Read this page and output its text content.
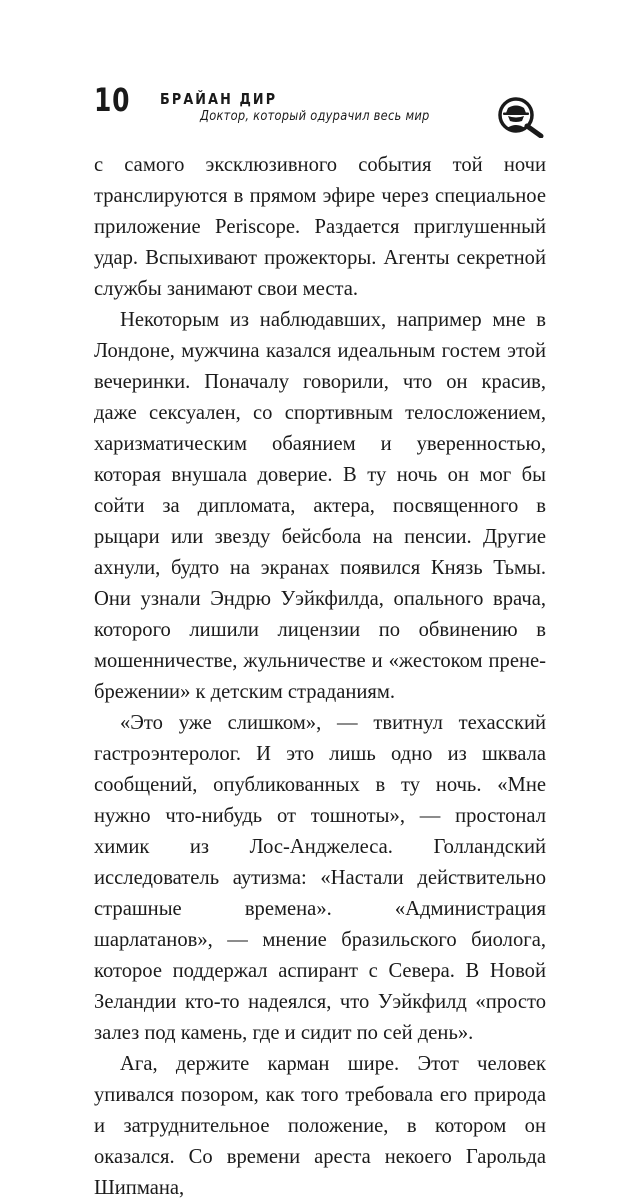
10 БРАЙАН ДИР
Доктор, который одурачил весь мир

с самого эксклюзивного события той ночи транслируются в прямом эфире через специальное приложение Periscope. Раздается приглушенный удар. Вспыхивают прожекторы. Агенты секретной службы занимают свои места.

Некоторым из наблюдавших, например мне в Лондоне, мужчина казался идеальным гостем этой вечеринки. Поначалу говорили, что он красив, даже сексуален, со спортивным телосложением, харизматическим обаянием и уверенностью, которая внушала доверие. В ту ночь он мог бы сойти за дипломата, актера, посвященного в рыцари или звезду бейсбола на пенсии. Другие ахнули, будто на экранах появился Князь Тьмы. Они узнали Эндрю Уэйкфилда, опального врача, которого лишили лицензии по обвинению в мошенничестве, жульничестве и «жестоком пренебрежении» к детским страданиям.

«Это уже слишком», — твитнул техасский гастроэнтеролог. И это лишь одно из шквала сообщений, опубликованных в ту ночь. «Мне нужно что-нибудь от тошноты», — простонал химик из Лос-Анджелеса. Голландский исследователь аутизма: «Настали действительно страшные времена». «Администрация шарлатанов», — мнение бразильского биолога, которое поддержал аспирант с Севера. В Новой Зеландии кто-то надеялся, что Уэйкфилд «просто залез под камень, где и сидит по сей день».

Ага, держите карман шире. Этот человек упивался позором, как того требовала его природа и затруднительное положение, в котором он оказался. Со времени ареста некоего Гарольда Шипмана,
